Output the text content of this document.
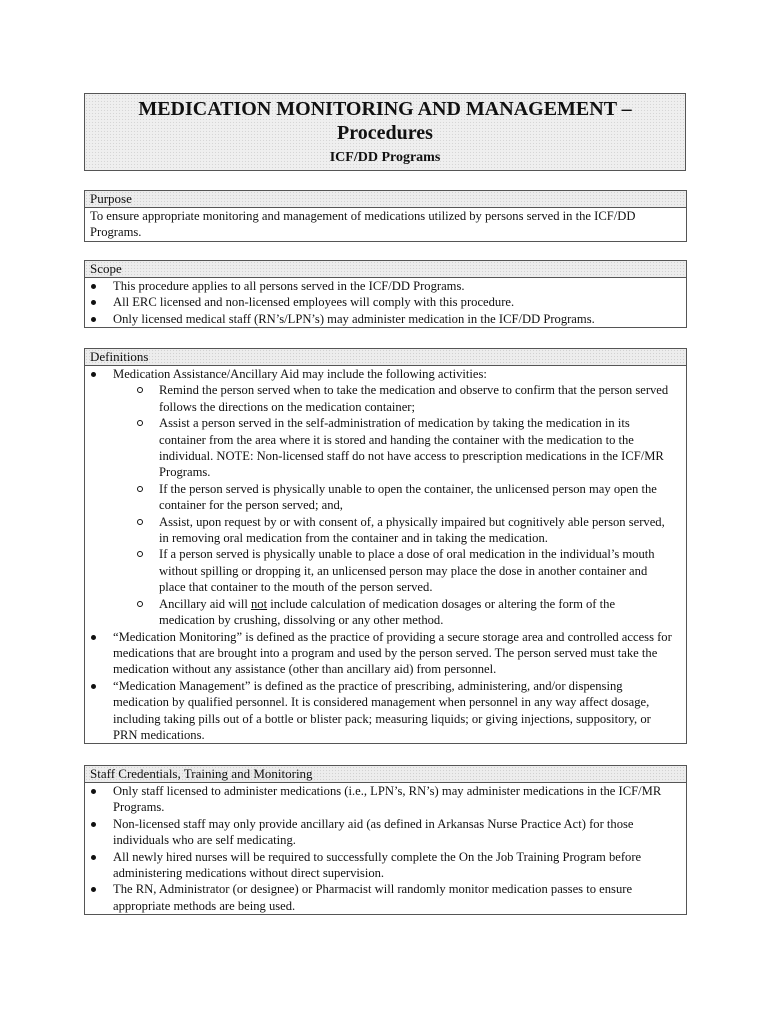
MEDICATION MONITORING AND MANAGEMENT –
Procedures
ICF/DD Programs
Purpose
To ensure appropriate monitoring and management of medications utilized by persons served in the ICF/DD Programs.
Scope
This procedure applies to all persons served in the ICF/DD Programs.
All ERC licensed and non-licensed employees will comply with this procedure.
Only licensed medical staff (RN’s/LPN’s) may administer medication in the ICF/DD Programs.
Definitions
Medication Assistance/Ancillary Aid may include the following activities:
Remind the person served when to take the medication and observe to confirm that the person served follows the directions on the medication container;
Assist a person served in the self-administration of medication by taking the medication in its container from the area where it is stored and handing the container with the medication to the individual. NOTE: Non-licensed staff do not have access to prescription medications in the ICF/MR Programs.
If the person served is physically unable to open the container, the unlicensed person may open the container for the person served; and,
Assist, upon request by or with consent of, a physically impaired but cognitively able person served, in removing oral medication from the container and in taking the medication.
If a person served is physically unable to place a dose of oral medication in the individual’s mouth without spilling or dropping it, an unlicensed person may place the dose in another container and place that container to the mouth of the person served.
Ancillary aid will not include calculation of medication dosages or altering the form of the medication by crushing, dissolving or any other method.
“Medication Monitoring” is defined as the practice of providing a secure storage area and controlled access for medications that are brought into a program and used by the person served. The person served must take the medication without any assistance (other than ancillary aid) from personnel.
“Medication Management” is defined as the practice of prescribing, administering, and/or dispensing medication by qualified personnel. It is considered management when personnel in any way affect dosage, including taking pills out of a bottle or blister pack; measuring liquids; or giving injections, suppository, or PRN medications.
Staff Credentials, Training and Monitoring
Only staff licensed to administer medications (i.e., LPN’s, RN’s) may administer medications in the ICF/MR Programs.
Non-licensed staff may only provide ancillary aid (as defined in Arkansas Nurse Practice Act) for those individuals who are self medicating.
All newly hired nurses will be required to successfully complete the On the Job Training Program before administering medications without direct supervision.
The RN, Administrator (or designee) or Pharmacist will randomly monitor medication passes to ensure appropriate methods are being used.
